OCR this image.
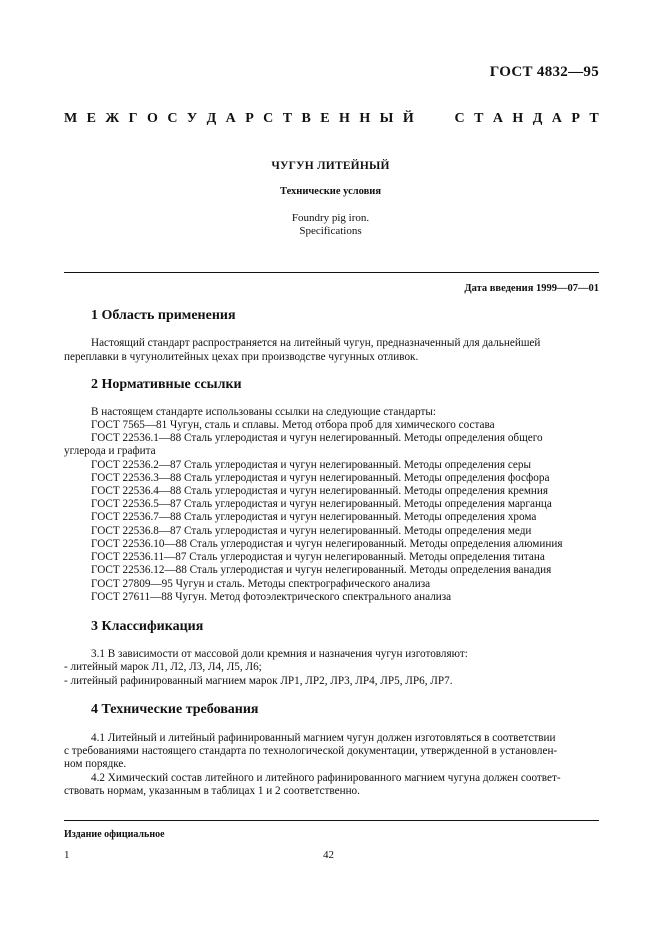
ГОСТ 4832—95
М Е Ж Г О С У Д А Р С Т В Е Н Н Ы Й	С Т А Н Д А Р Т
ЧУГУН ЛИТЕЙНЫЙ
Технические условия
Foundry pig iron.
Specifications
Дата введения 1999—07—01
1 Область применения
Настоящий стандарт распространяется на литейный чугун, предназначенный для дальнейшей
переплавки в чугунолитейных цехах при производстве чугунных отливок.
2 Нормативные ссылки
В настоящем стандарте использованы ссылки на следующие стандарты:
ГОСТ 7565—81 Чугун, сталь и сплавы. Метод отбора проб для химического состава
ГОСТ 22536.1—88 Сталь углеродистая и чугун нелегированный. Методы определения общего
углерода и графита
ГОСТ 22536.2—87 Сталь углеродистая и чугун нелегированный. Методы определения серы
ГОСТ 22536.3—88 Сталь углеродистая и чугун нелегированный. Методы определения фосфора
ГОСТ 22536.4—88 Сталь углеродистая и чугун нелегированный. Методы определения кремния
ГОСТ 22536.5—87 Сталь углеродистая и чугун нелегированный. Методы определения марганца
ГОСТ 22536.7—88 Сталь углеродистая и чугун нелегированный. Методы определения хрома
ГОСТ 22536.8—87 Сталь углеродистая и чугун нелегированный. Методы определения меди
ГОСТ 22536.10—88 Сталь углеродистая и чугун нелегированный. Методы определения алюминия
ГОСТ 22536.11—87 Сталь углеродистая и чугун нелегированный. Методы определения титана
ГОСТ 22536.12—88 Сталь углеродистая и чугун нелегированный. Методы определения ванадия
ГОСТ 27809—95 Чугун и сталь. Методы спектрографического анализа
ГОСТ 27611—88 Чугун. Метод фотоэлектрического спектрального анализа
3 Классификация
3.1 В зависимости от массовой доли кремния и назначения чугун изготовляют:
- литейный марок Л1, Л2, Л3, Л4, Л5, Л6;
- литейный рафинированный магнием марок ЛР1, ЛР2, ЛР3, ЛР4, ЛР5, ЛР6, ЛР7.
4 Технические требования
4.1 Литейный и литейный рафинированный магнием чугун должен изготовляться в соответствии
с требованиями настоящего стандарта по технологической документации, утвержденной в установлен-
ном порядке.
4.2 Химический состав литейного и литейного рафинированного магнием чугуна должен соответ-
ствовать нормам, указанным в таблицах 1 и 2 соответственно.
Издание официальное
1	42
